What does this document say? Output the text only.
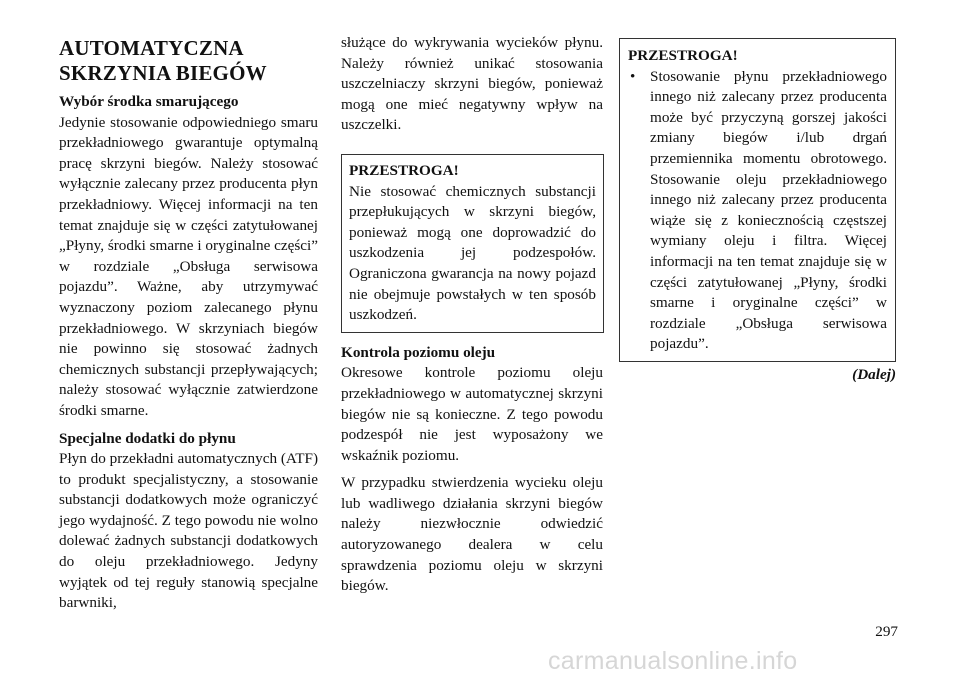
AUTOMATYCZNA
SKRZYNIA BIEGÓW

Wybór środka smarującego

Jedynie stosowanie odpowiedniego smaru przekładniowego gwarantuje optymalną pracę skrzyni biegów. Należy stosować wyłącznie zalecany przez producenta płyn przekładniowy. Więcej informacji na ten temat znajduje się w części zatytułowanej „Płyny, środki smarne i oryginalne części” w rozdziale „Obsługa serwisowa pojazdu”. Ważne, aby utrzymywać wyznaczony poziom zalecanego płynu przekładniowego. W skrzyniach biegów nie powinno się stosować żadnych chemicznych substancji przepływających; należy stosować wyłącznie zatwierdzone środki smarne.

Specjalne dodatki do płynu

Płyn do przekładni automatycznych (ATF) to produkt specjalistyczny, a stosowanie substancji dodatkowych może ograniczyć jego wydajność. Z tego powodu nie wolno dolewać żadnych substancji dodatkowych do oleju przekładniowego. Jedyny wyjątek od tej reguły stanowią specjalne barwniki,

służące do wykrywania wycieków płynu. Należy również unikać stosowania uszczelniaczy skrzyni biegów, ponieważ mogą one mieć negatywny wpływ na uszczelki.

PRZESTROGA!

Nie stosować chemicznych substancji przepłukujących w skrzyni biegów, ponieważ mogą one doprowadzić do uszkodzenia jej podzespołów. Ograniczona gwarancja na nowy pojazd nie obejmuje powstałych w ten sposób uszkodzeń.

Kontrola poziomu oleju

Okresowe kontrole poziomu oleju przekładniowego w automatycznej skrzyni biegów nie są konieczne. Z tego powodu podzespół nie jest wyposażony we wskaźnik poziomu.

W przypadku stwierdzenia wycieku oleju lub wadliwego działania skrzyni biegów należy niezwłocznie odwiedzić autoryzowanego dealera w celu sprawdzenia poziomu oleju w skrzyni biegów.

PRZESTROGA!

• Stosowanie płynu przekładniowego innego niż zalecany przez producenta może być przyczyną gorszej jakości zmiany biegów i/lub drgań przemiennika momentu obrotowego. Stosowanie oleju przekładniowego innego niż zalecany przez producenta wiąże się z koniecznością częstszej wymiany oleju i filtra. Więcej informacji na ten temat znajduje się w części zatytułowanej „Płyny, środki smarne i oryginalne części” w rozdziale „Obsługa serwisowa pojazdu”.

(Dalej)
297
carmanualsonline.info
